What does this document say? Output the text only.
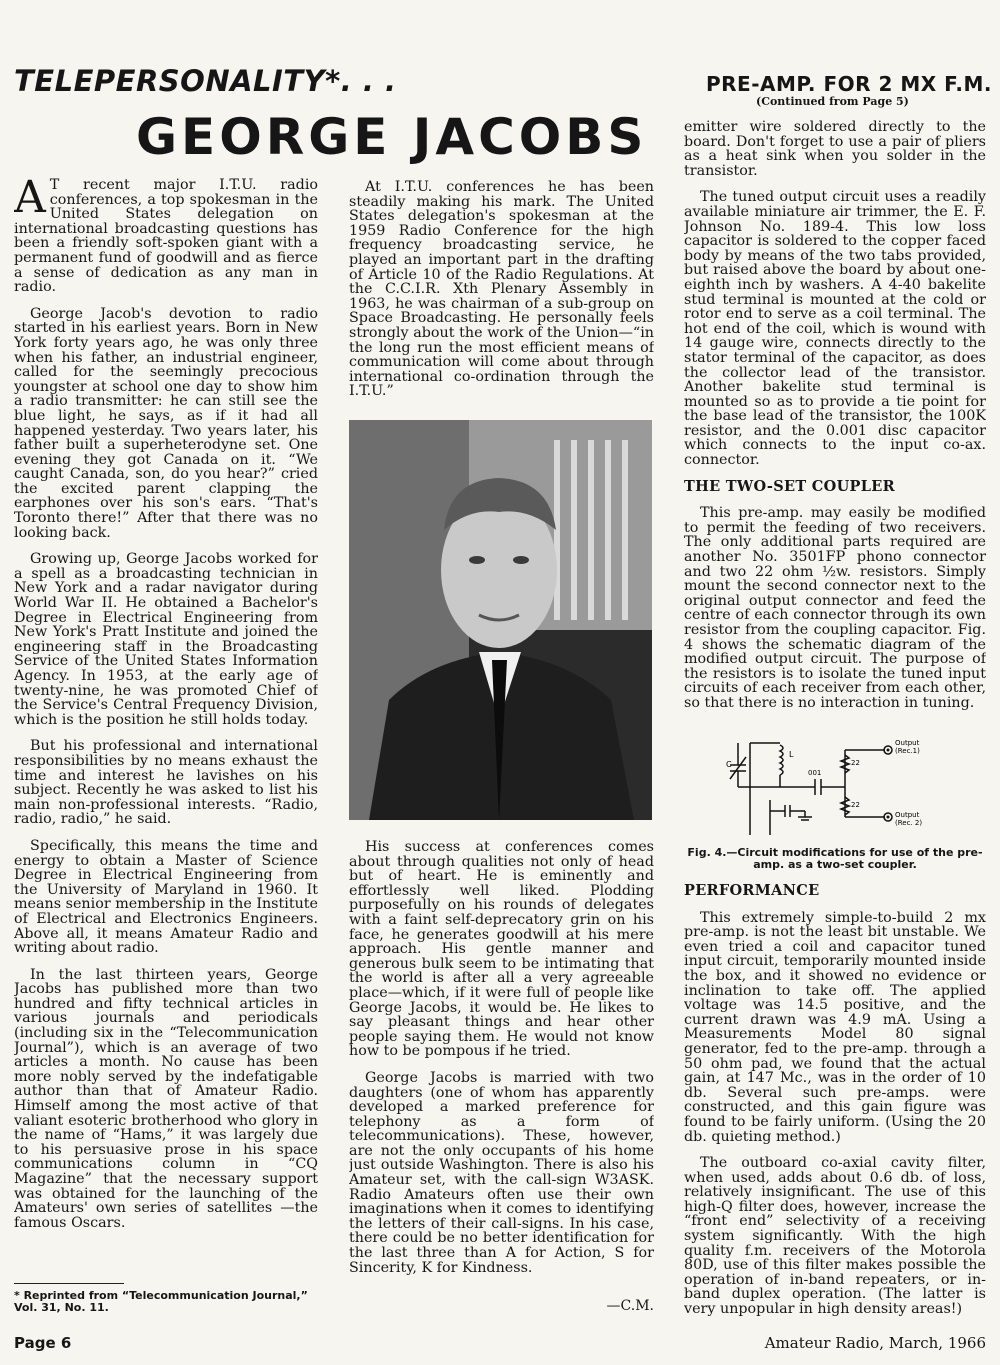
TELEPERSONALITY*. . .
GEORGE JACOBS
PRE-AMP. FOR 2 MX F.M.
(Continued from Page 5)

A T recent major I.T.U. radio conferences, a top spokesman in the United States delegation on international broadcasting questions has been a friendly soft-spoken giant with a permanent fund of goodwill and as fierce a sense of dedication as any man in radio.

George Jacob's devotion to radio started in his earliest years. Born in New York forty years ago, he was only three when his father, an industrial engineer, called for the seemingly precocious youngster at school one day to show him a radio transmitter: he can still see the blue light, he says, as if it had all happened yesterday. Two years later, his father built a superheterodyne set. One evening they got Canada on it. “We caught Canada, son, do you hear?” cried the excited parent clapping the earphones over his son's ears. “That's Toronto there!” After that there was no looking back.

Growing up, George Jacobs worked for a spell as a broadcasting technician in New York and a radar navigator during World War II. He obtained a Bachelor's Degree in Electrical Engineering from New York's Pratt Institute and joined the engineering staff in the Broadcasting Service of the United States Information Agency. In 1953, at the early age of twenty-nine, he was promoted Chief of the Service's Central Frequency Division, which is the position he still holds today.

But his professional and international responsibilities by no means exhaust the time and interest he lavishes on his subject. Recently he was asked to list his main non-professional interests. “Radio, radio, radio,” he said.

Specifically, this means the time and energy to obtain a Master of Science Degree in Electrical Engineering from the University of Maryland in 1960. It means senior membership in the Institute of Electrical and Electronics Engineers. Above all, it means Amateur Radio and writing about radio.

In the last thirteen years, George Jacobs has published more than two hundred and fifty technical articles in various journals and periodicals (including six in the “Telecommunication Journal”), which is an average of two articles a month. No cause has been more nobly served by the indefatigable author than that of Amateur Radio. Himself among the most active of that valiant esoteric brotherhood who glory in the name of “Hams,” it was largely due to his persuasive prose in his space communications column in “CQ Magazine” that the necessary support was obtained for the launching of the Amateurs' own series of satellites —the famous Oscars.

* Reprinted from “Telecommunication Journal,” Vol. 31, No. 11.

At I.T.U. conferences he has been steadily making his mark. The United States delegation's spokesman at the 1959 Radio Conference for the high frequency broadcasting service, he played an important part in the drafting of Article 10 of the Radio Regulations. At the C.C.I.R. Xth Plenary Assembly in 1963, he was chairman of a sub-group on Space Broadcasting. He personally feels strongly about the work of the Union—“in the long run the most efficient means of communication will come about through international co-ordination through the I.T.U.”

His success at conferences comes about through qualities not only of head but of heart. He is eminently and effortlessly well liked. Plodding purposefully on his rounds of delegates with a faint self-deprecatory grin on his face, he generates goodwill at his mere approach. His gentle manner and generous bulk seem to be intimating that the world is after all a very agreeable place—which, if it were full of people like George Jacobs, it would be. He likes to say pleasant things and hear other people saying them. He would not know how to be pompous if he tried.

George Jacobs is married with two daughters (one of whom has apparently developed a marked preference for telephony as a form of telecommunications). These, however, are not the only occupants of his home just outside Washington. There is also his Amateur set, with the call-sign W3ASK. Radio Amateurs often use their own imaginations when it comes to identifying the letters of their call-signs. In his case, there could be no better identification for the last three than A for Action, S for Sincerity, K for Kindness.

—C.M.

emitter wire soldered directly to the board. Don't forget to use a pair of pliers as a heat sink when you solder in the transistor.

The tuned output circuit uses a readily available miniature air trimmer, the E. F. Johnson No. 189-4. This low loss capacitor is soldered to the copper faced body by means of the two tabs provided, but raised above the board by about one-eighth inch by washers. A 4-40 bakelite stud terminal is mounted at the cold or rotor end to serve as a coil terminal. The hot end of the coil, which is wound with 14 gauge wire, connects directly to the stator terminal of the capacitor, as does the collector lead of the transistor. Another bakelite stud terminal is mounted so as to provide a tie point for the base lead of the transistor, the 100K resistor, and the 0.001 disc capacitor which connects to the input co-ax. connector.

THE TWO-SET COUPLER

This pre-amp. may easily be modified to permit the feeding of two receivers. The only additional parts required are another No. 3501FP phono connector and two 22 ohm ½w. resistors. Simply mount the second connector next to the original output connector and feed the centre of each connector through its own resistor from the coupling capacitor. Fig. 4 shows the schematic diagram of the modified output circuit. The purpose of the resistors is to isolate the tuned input circuits of each receiver from each other, so that there is no interaction in tuning.

C
L
001
22
22
Output
(Rec.1)
Output
(Rec. 2)
Fig. 4.—Circuit modifications for use of the pre-amp. as a two-set coupler.

PERFORMANCE

This extremely simple-to-build 2 mx pre-amp. is not the least bit unstable. We even tried a coil and capacitor tuned input circuit, temporarily mounted inside the box, and it showed no evidence or inclination to take off. The applied voltage was 14.5 positive, and the current drawn was 4.9 mA. Using a Measurements Model 80 signal generator, fed to the pre-amp. through a 50 ohm pad, we found that the actual gain, at 147 Mc., was in the order of 10 db. Several such pre-amps. were constructed, and this gain figure was found to be fairly uniform. (Using the 20 db. quieting method.)

The outboard co-axial cavity filter, when used, adds about 0.6 db. of loss, relatively insignificant. The use of this high-Q filter does, however, increase the “front end” selectivity of a receiving system significantly. With the high quality f.m. receivers of the Motorola 80D, use of this filter makes possible the operation of in-band repeaters, or in-band duplex operation. (The latter is very unpopular in high density areas!)

Page 6	Amateur Radio, March, 1966
